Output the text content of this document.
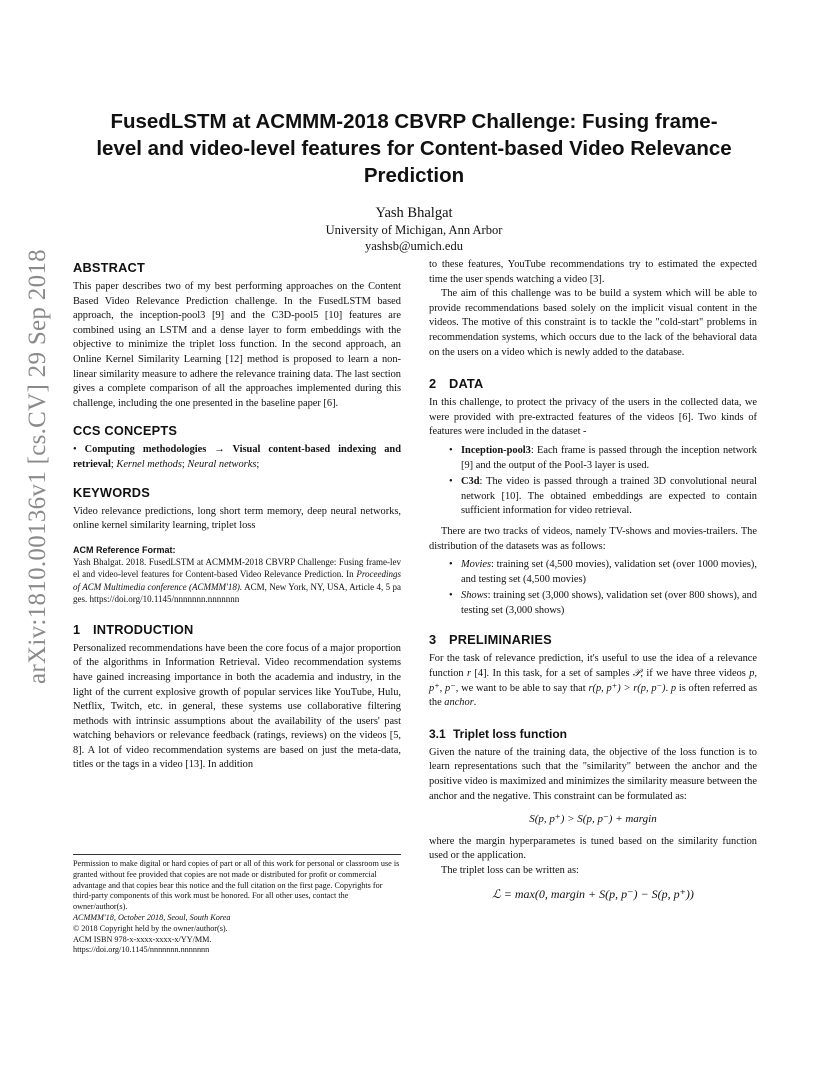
arXiv:1810.00136v1 [cs.CV] 29 Sep 2018
FusedLSTM at ACMMM-2018 CBVRP Challenge: Fusing frame-level and video-level features for Content-based Video Relevance Prediction
Yash Bhalgat
University of Michigan, Ann Arbor
yashsb@umich.edu
ABSTRACT

This paper describes two of my best performing approaches on the Content Based Video Relevance Prediction challenge. In the FusedLSTM based approach, the inception-pool3 [9] and the C3D-pool5 [10] features are combined using an LSTM and a dense layer to form embeddings with the objective to minimize the triplet loss function. In the second approach, an Online Kernel Similarity Learning [12] method is proposed to learn a non-linear similarity measure to adhere the relevance training data. The last section gives a complete comparison of all the approaches implemented during this challenge, including the one presented in the baseline paper [6].

CCS CONCEPTS

• Computing methodologies → Visual content-based indexing and retrieval; Kernel methods; Neural networks;

KEYWORDS

Video relevance predictions, long short term memory, deep neural networks, online kernel similarity learning, triplet loss

ACM Reference Format:

Yash Bhalgat. 2018. FusedLSTM at ACMMM-2018 CBVRP Challenge: Fusing frame-level and video-level features for Content-based Video Relevance Prediction. In Proceedings of ACM Multimedia conference (ACMMM'18). ACM, New York, NY, USA, Article 4, 5 pages. https://doi.org/10.1145/nnnnnnn.nnnnnnn

1 INTRODUCTION

Personalized recommendations have been the core focus of a major proportion of the algorithms in Information Retrieval. Video recommendation systems have gained increasing importance in both the academia and industry, in the light of the current explosive growth of popular services like YouTube, Hulu, Netflix, Twitch, etc. in general, these systems use collaborative filtering methods with intrinsic assumptions about the availability of the users' past watching behaviors or relevance feedback (ratings, reviews) on the videos [5, 8]. A lot of video recommendation systems are based on just the meta-data, titles or the tags in a video [13]. In addition

Permission to make digital or hard copies of part or all of this work for personal or classroom use is granted without fee provided that copies are not made or distributed for profit or commercial advantage and that copies bear this notice and the full citation on the first page. Copyrights for third-party components of this work must be honored. For all other uses, contact the owner/author(s).

ACMMM'18, October 2018, Seoul, South Korea

© 2018 Copyright held by the owner/author(s).

ACM ISBN 978-x-xxxx-xxxx-x/YY/MM.

https://doi.org/10.1145/nnnnnnn.nnnnnnn

to these features, YouTube recommendations try to estimated the expected time the user spends watching a video [3].

The aim of this challenge was to be build a system which will be able to provide recommendations based solely on the implicit visual content in the videos. The motive of this constraint is to tackle the "cold-start" problems in recommendation systems, which occurs due to the lack of the behavioral data on the users on a video which is newly added to the database.

2 DATA

In this challenge, to protect the privacy of the users in the collected data, we were provided with pre-extracted features of the videos [6]. Two kinds of features were included in the dataset -

• Inception-pool3: Each frame is passed through the inception network [9] and the output of the Pool-3 layer is used.
• C3d: The video is passed through a trained 3D convolutional neural network [10]. The obtained embeddings are expected to contain sufficient information for video retrieval.

There are two tracks of videos, namely TV-shows and movies-trailers. The distribution of the datasets was as follows:

• Movies: training set (4,500 movies), validation set (over 1000 movies), and testing set (4,500 movies)
• Shows: training set (3,000 shows), validation set (over 800 shows), and testing set (3,000 shows)
3 PRELIMINARIES

For the task of relevance prediction, it's useful to use the idea of a relevance function r [4]. In this task, for a set of samples 𝒫, if we have three videos p, p⁺, p⁻, we want to be able to say that r(p, p⁺) > r(p, p⁻). p is often referred as the anchor.

3.1 Triplet loss function

Given the nature of the training data, the objective of the loss function is to learn representations such that the "similarity" between the anchor and the positive video is maximized and minimizes the similarity measure between the anchor and the negative. This constraint can be formulated as:

S(p, p⁺) > S(p, p⁻) + margin

where the margin hyperparametes is tuned based on the similarity function used or the application.

The triplet loss can be written as:

ℒ = max(0, margin + S(p, p⁻) − S(p, p⁺))
